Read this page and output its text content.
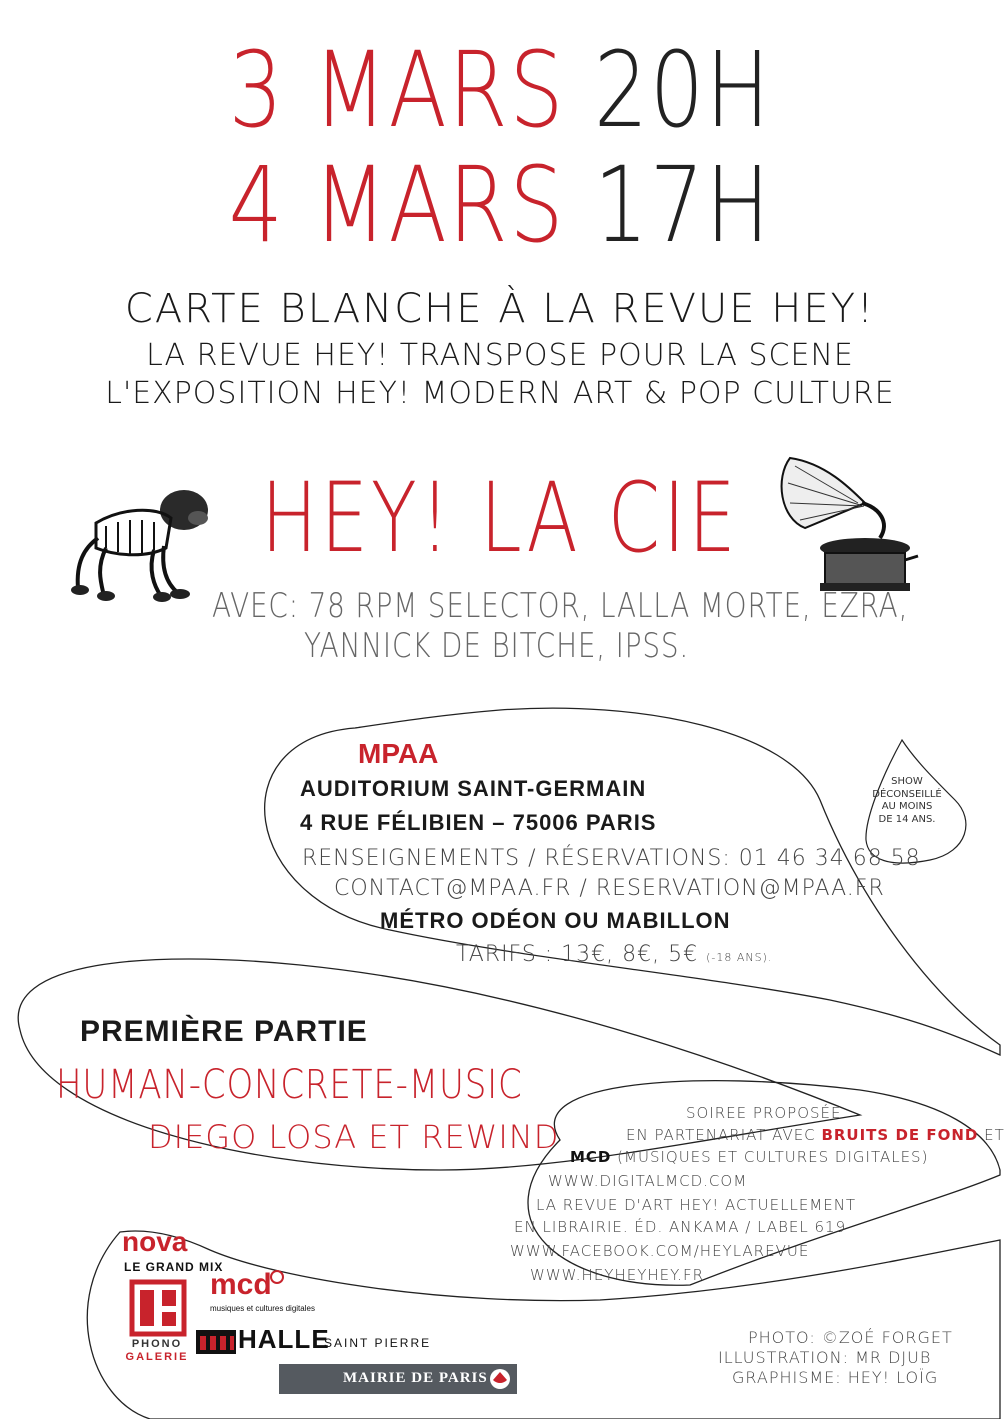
3 MARS 20H
4 MARS 17H
CARTE BLANCHE À LA REVUE HEY!
LA REVUE HEY! TRANSPOSE POUR LA SCENE
L'EXPOSITION HEY! MODERN ART & POP CULTURE
HEY! LA CIE
AVEC: 78 RPM SELECTOR, LALLA MORTE, EZRA,
YANNICK DE BITCHE, IPSS.
MPAA
AUDITORIUM SAINT-GERMAIN
4 RUE FÉLIBIEN – 75006 PARIS
RENSEIGNEMENTS / RÉSERVATIONS: 01 46 34 68 58
CONTACT@MPAA.FR / RESERVATION@MPAA.FR
MÉTRO ODÉON OU MABILLON
TARIFS : 13€, 8€, 5€ (-18 ANS).
SHOW
DÉCONSEILLÉ
AU MOINS
DE 14 ANS.
PREMIÈRE PARTIE
HUMAN-CONCRETE-MUSIC
DIEGO LOSA ET REWIND
SOIREE PROPOSÉE
EN PARTENARIAT AVEC BRUITS DE FOND ET
MCD (MUSIQUES ET CULTURES DIGITALES)
WWW.DIGITALMCD.COM
LA REVUE D'ART HEY! ACTUELLEMENT
EN LIBRAIRIE. ÉD. ANKAMA / LABEL 619
WWW.FACEBOOK.COM/HEYLAREVUE
WWW.HEYHEYHEY.FR
PHOTO: ©ZOÉ FORGET
ILLUSTRATION: MR DJUB
GRAPHISME: HEY! LOÏG
nova
LE GRAND MIX
PHONO
GALERIE
mcd
musiques et cultures digitales
HALLE
SAINT PIERRE
MAIRIE DE PARIS
